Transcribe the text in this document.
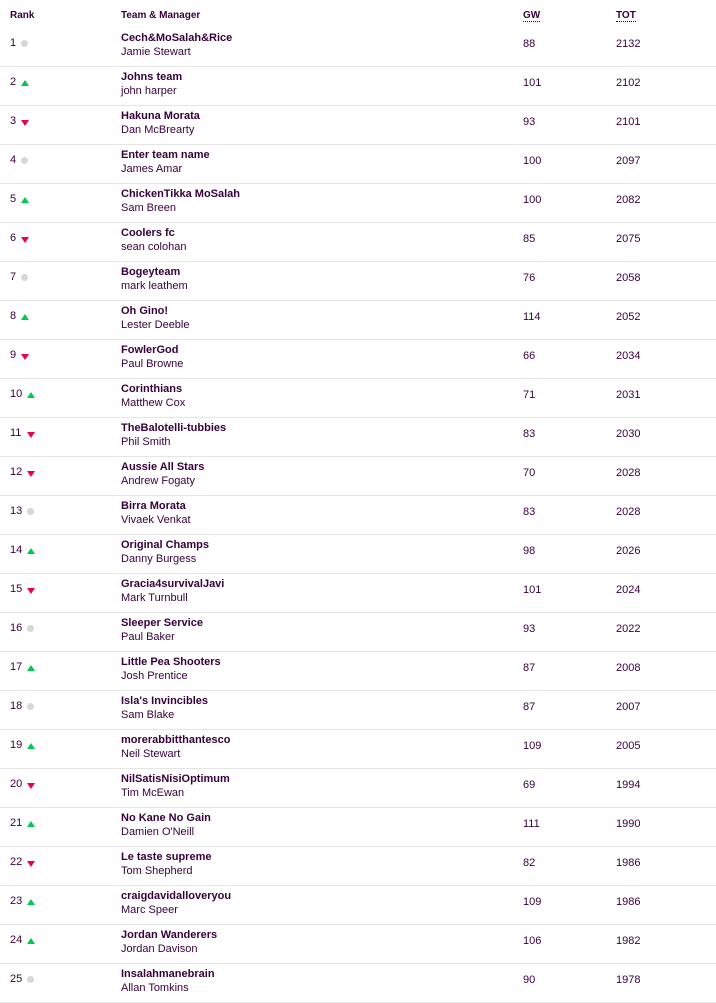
Rank	Team & Manager	GW	TOT
1	Cech&MoSalah&Rice
Jamie Stewart
88	2132
2	Johns team
john harper
101	2102
3	Hakuna Morata
Dan McBrearty
93	2101
4	Enter team name
James Amar
100	2097
5	ChickenTikka MoSalah
Sam Breen
100	2082
6	Coolers fc
sean colohan
85	2075
7	Bogeyteam
mark leathem
76	2058
8	Oh Gino!
Lester Deeble
114	2052
9	FowlerGod
Paul Browne
66	2034
10	Corinthians
Matthew Cox
71	2031
11	TheBalotelli-tubbies
Phil Smith
83	2030
12	Aussie All Stars
Andrew Fogaty
70	2028
13	Birra Morata
Vivaek Venkat
83	2028
14	Original Champs
Danny Burgess
98	2026
15	Gracia4survivalJavi
Mark Turnbull
101	2024
16	Sleeper Service
Paul Baker
93	2022
17	Little Pea Shooters
Josh Prentice
87	2008
18	Isla's Invincibles
Sam Blake
87	2007
19	morerabbitthantesco
Neil Stewart
109	2005
20	NilSatisNisiOptimum
Tim McEwan
69	1994
21	No Kane No Gain
Damien O'Neill
111	1990
22	Le taste supreme
Tom Shepherd
82	1986
23	craigdavidalloveryou
Marc Speer
109	1986
24	Jordan Wanderers
Jordan Davison
106	1982
25	Insalahmanebrain
Allan Tomkins
90	1978
